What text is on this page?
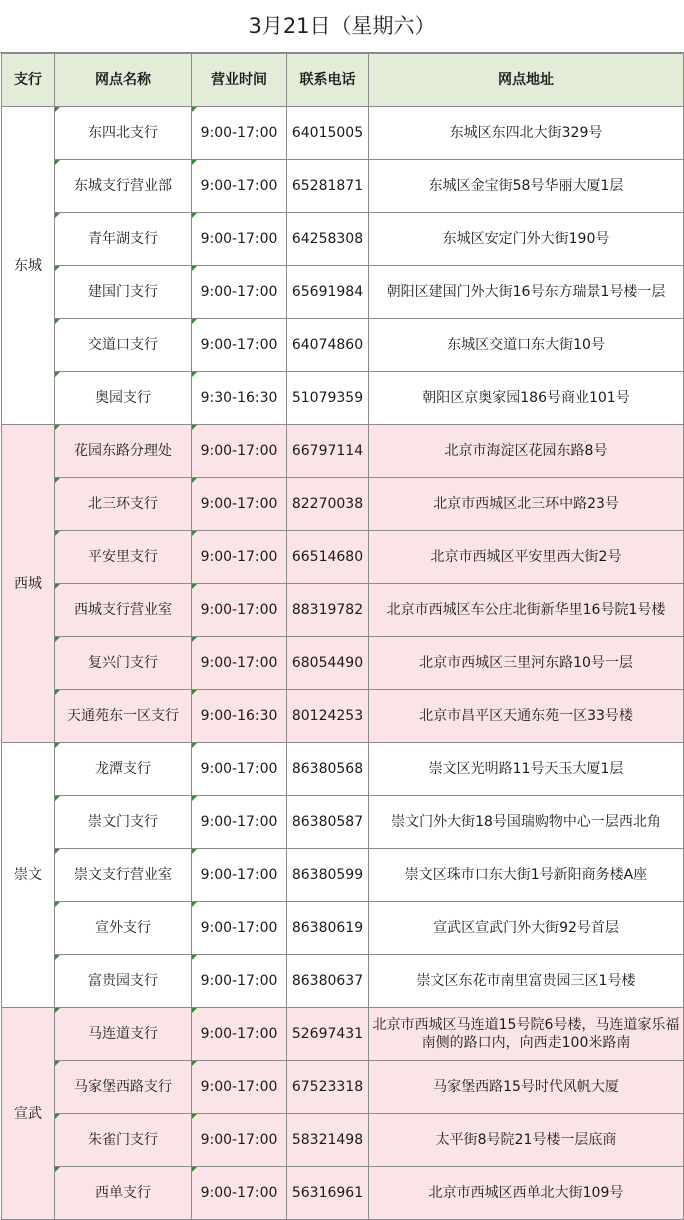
3月21日（星期六）
支行	网点名称	营业时间	联系电话	网点地址
东城	东四北支行	9:00-17:00	64015005	东城区东四北大街329号
	东城支行营业部	9:00-17:00	65281871	东城区金宝街58号华丽大厦1层
	青年湖支行	9:00-17:00	64258308	东城区安定门外大街190号
	建国门支行	9:00-17:00	65691984	朝阳区建国门外大街16号东方瑞景1号楼一层
	交道口支行	9:00-17:00	64074860	东城区交道口东大街10号
	奥园支行	9:30-16:30	51079359	朝阳区京奥家园186号商业101号
西城	花园东路分理处	9:00-17:00	66797114	北京市海淀区花园东路8号
	北三环支行	9:00-17:00	82270038	北京市西城区北三环中路23号
	平安里支行	9:00-17:00	66514680	北京市西城区平安里西大街2号
	西城支行营业室	9:00-17:00	88319782	北京市西城区车公庄北街新华里16号院1号楼
	复兴门支行	9:00-17:00	68054490	北京市西城区三里河东路10号一层
	天通苑东一区支行	9:00-16:30	80124253	北京市昌平区天通东苑一区33号楼
崇文	龙潭支行	9:00-17:00	86380568	崇文区光明路11号天玉大厦1层
	崇文门支行	9:00-17:00	86380587	崇文门外大街18号国瑞购物中心一层西北角
	崇文支行营业室	9:00-17:00	86380599	崇文区珠市口东大街1号新阳商务楼A座
	宣外支行	9:00-17:00	86380619	宣武区宣武门外大街92号首层
	富贵园支行	9:00-17:00	86380637	崇文区东花市南里富贵园三区1号楼
宣武	马连道支行	9:00-17:00	52697431	北京市西城区马连道15号院6号楼，马连道家乐福南侧的路口内，向西走100米路南
	马家堡西路支行	9:00-17:00	67523318	马家堡西路15号时代风帆大厦
	朱雀门支行	9:00-17:00	58321498	太平街8号院21号楼一层底商
	西单支行	9:00-17:00	56316961	北京市西城区西单北大街109号
